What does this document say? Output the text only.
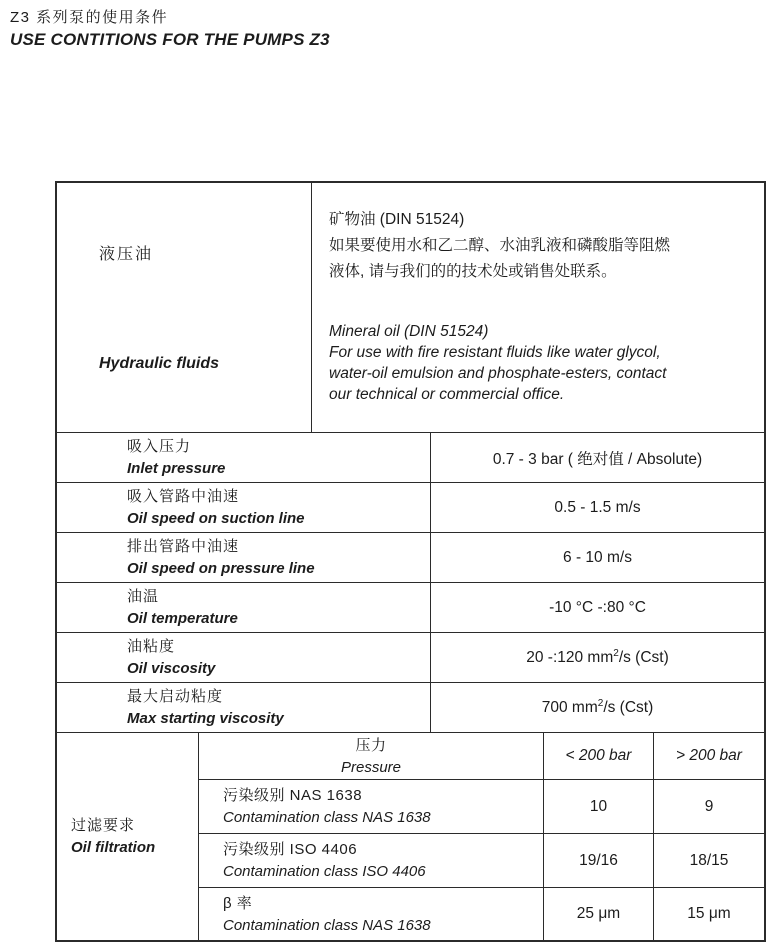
Z3 系列泵的使用条件
USE CONTITIONS FOR THE PUMPS Z3
液压油
Hydraulic fluids
矿物油 (DIN 51524)
如果要使用水和乙二醇、水油乳液和磷酸脂等阻燃
液体, 请与我们的的技术处或销售处联系。
Mineral oil (DIN 51524)
For use with fire resistant fluids like water glycol,
water-oil emulsion and phosphate-esters, contact
our technical or commercial office.
吸入压力
Inlet pressure
0.7 - 3 bar ( 绝对值 / Absolute)
吸入管路中油速
Oil speed on suction line
0.5 - 1.5 m/s
排出管路中油速
Oil speed on pressure line
6 - 10 m/s
油温
Oil temperature
-10 °C -:80 °C
油粘度
Oil viscosity
20 -:120 $mm^2$ /s (Cst)
最大启动粘度
Max starting viscosity
700 $mm^2$ /s (Cst)
过滤要求
Oil filtration
压力
Pressure
< 200 bar	> 200 bar
污染级别 NAS 1638
Contamination class NAS 1638
10	9
污染级别 ISO 4406
Contamination class ISO 4406
19/16	18/15
β 率
Contamination class NAS 1638
25 μm	15 μm
